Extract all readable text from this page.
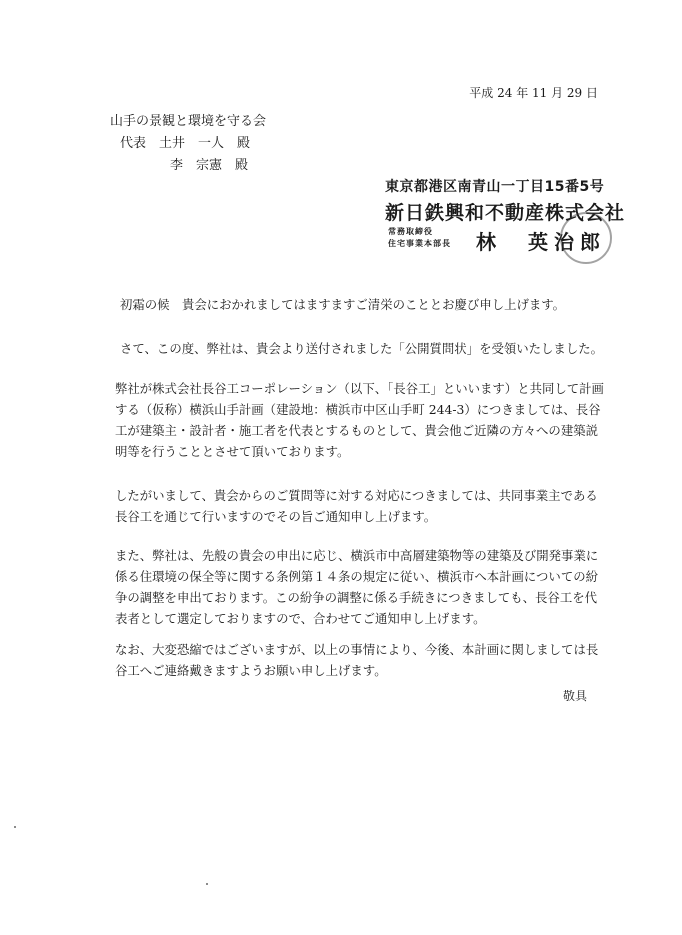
平成 24 年 11 月 29 日
山手の景観と環境を守る会
代表　土井　一人　殿
李　宗憲　殿
東京都港区南青山一丁目15番5号
新日鉄興和不動産株式会社
常務取締役
住宅事業本部長 林　英治郎

初霜の候　貴会におかれましてはますますご清栄のこととお慶び申し上げます。

さて、この度、弊社は、貴会より送付されました「公開質問状」を受領いたしました。

弊社が株式会社長谷工コーポレーション（以下、「長谷工」といいます）と共同して計画する（仮称）横浜山手計画（建設地：横浜市中区山手町 244-3）につきましては、長谷工が建築主・設計者・施工者を代表とするものとして、貴会他ご近隣の方々への建築説明等を行うこととさせて頂いております。

したがいまして、貴会からのご質問等に対する対応につきましては、共同事業主である長谷工を通じて行いますのでその旨ご通知申し上げます。

また、弊社は、先般の貴会の申出に応じ、横浜市中高層建築物等の建築及び開発事業に係る住環境の保全等に関する条例第１４条の規定に従い、横浜市へ本計画についての紛争の調整を申出ております。この紛争の調整に係る手続きにつきましても、長谷工を代表者として選定しておりますので、合わせてご通知申し上げます。

なお、大変恐縮ではございますが、以上の事情により、今後、本計画に関しましては長谷工へご連絡戴きますようお願い申し上げます。

敬具
